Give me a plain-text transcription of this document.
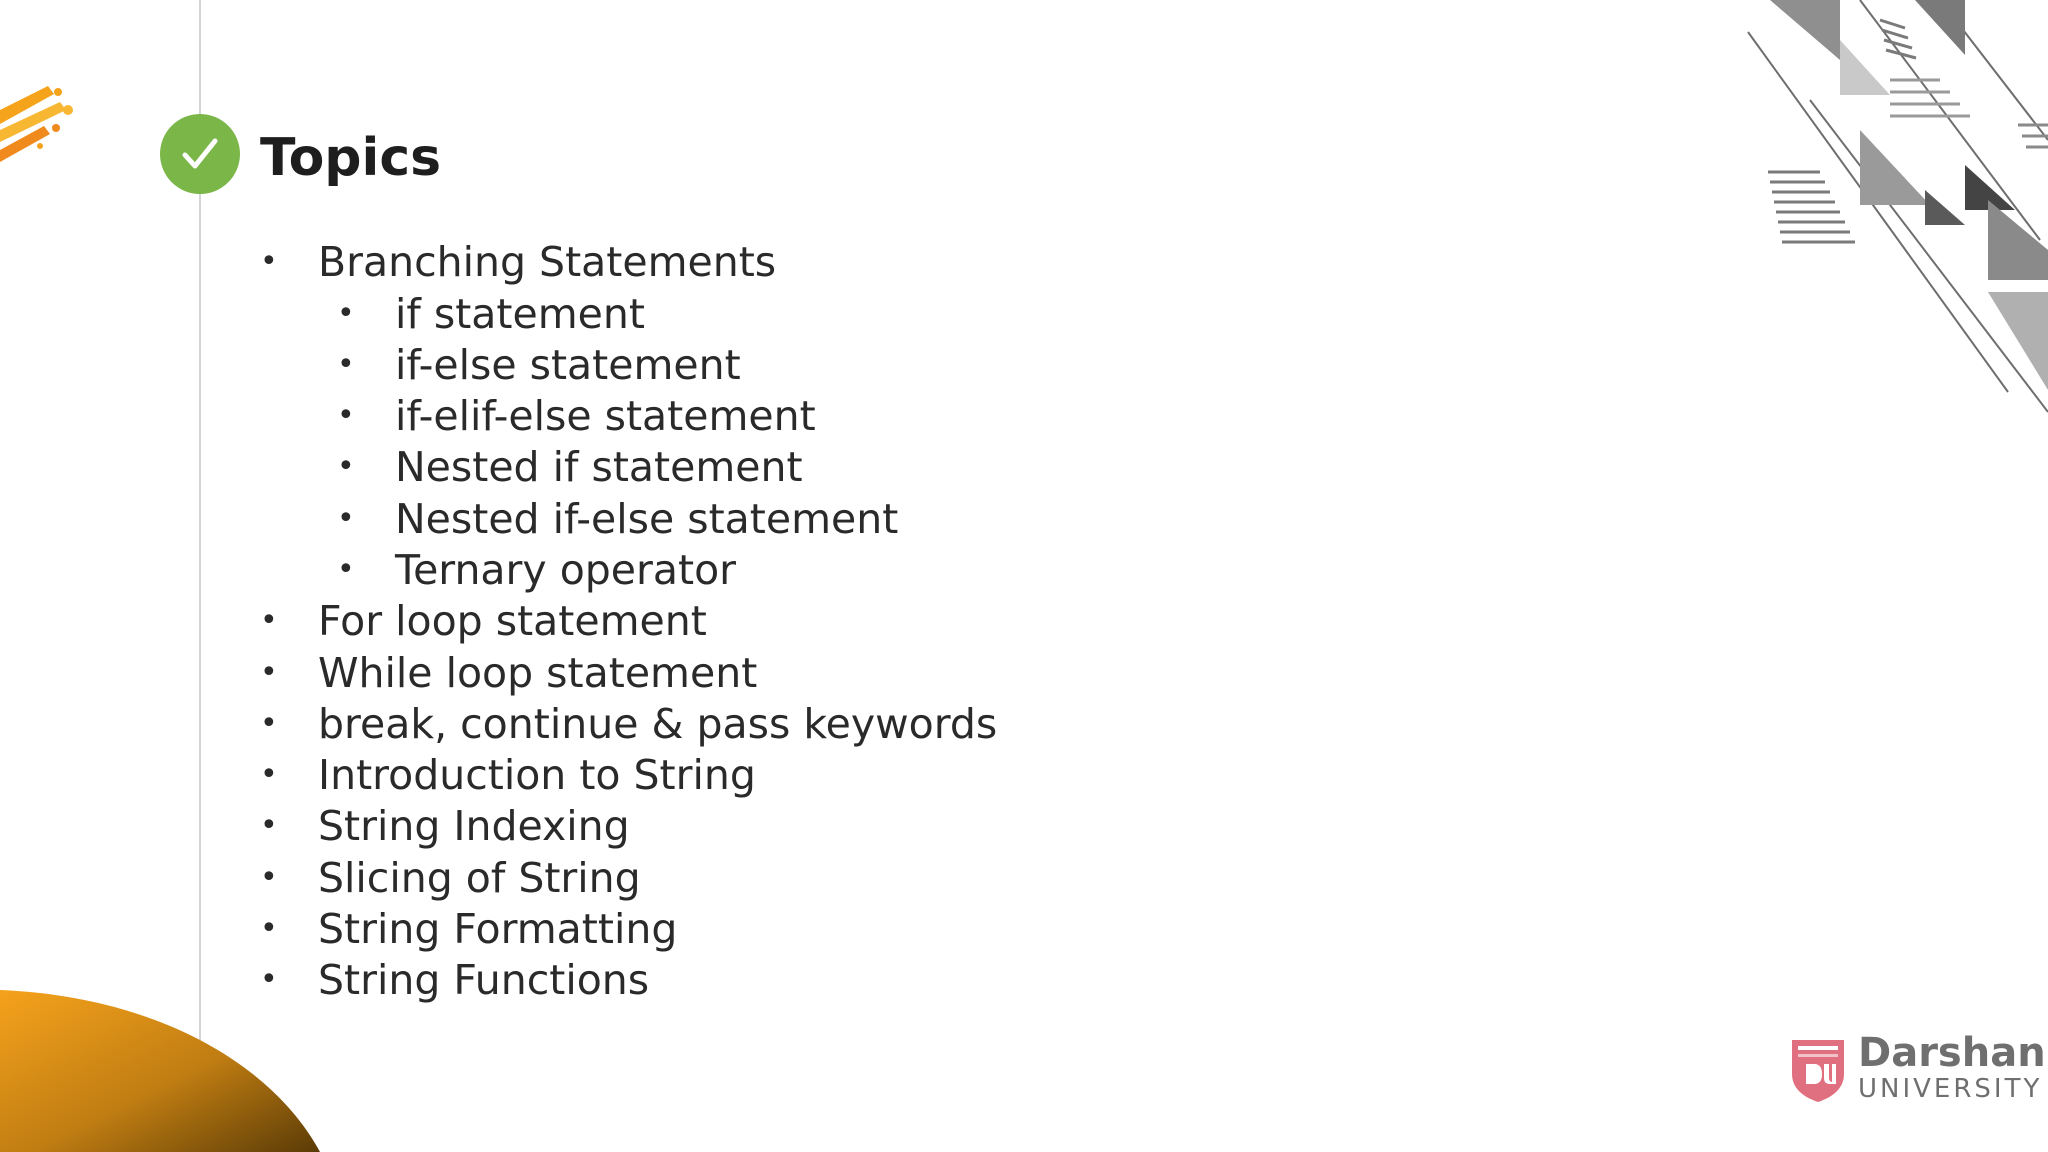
Topics
• Branching Statements
• if statement
• if-else statement
• if-elif-else statement
• Nested if statement
• Nested if-else statement
• Ternary operator
• For loop statement
• While loop statement
• break, continue & pass keywords
• Introduction to String
• String Indexing
• Slicing of String
• String Formatting
• String Functions
Darshan
UNIVERSITY
